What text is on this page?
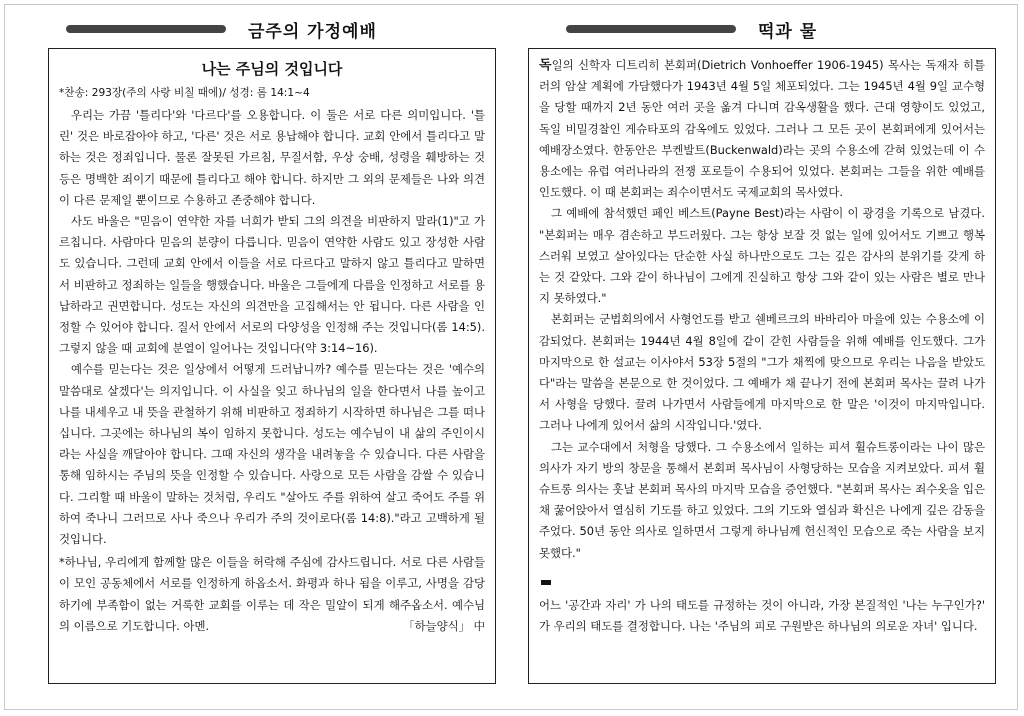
금주의 가정예배	떡과 물
나는 주님의 것입니다
*찬송: 293장(주의 사랑 비칠 때에)/ 성경: 롬 14:1~4

우리는 가끔 '틀리다'와 '다르다'를 오용합니다. 이 둘은 서로 다른 의미입니다. '틀린' 것은 바로잡아야 하고, '다른' 것은 서로 용납해야 합니다. 교회 안에서 틀리다고 말하는 것은 정죄입니다. 물론 잘못된 가르침, 무질서함, 우상 숭배, 성령을 훼방하는 것 등은 명백한 죄이기 때문에 틀리다고 해야 합니다. 하지만 그 외의 문제들은 나와 의견이 다른 문제일 뿐이므로 수용하고 존중해야 합니다.

사도 바울은 "믿음이 연약한 자를 너희가 받되 그의 의견을 비판하지 말라(1)"고 가르칩니다. 사람마다 믿음의 분량이 다릅니다. 믿음이 연약한 사람도 있고 장성한 사람도 있습니다. 그런데 교회 안에서 이들을 서로 다르다고 말하지 않고 틀리다고 말하면서 비판하고 정죄하는 일들을 행했습니다. 바울은 그들에게 다름을 인정하고 서로를 용납하라고 권면합니다. 성도는 자신의 의견만을 고집해서는 안 됩니다. 다른 사람을 인정할 수 있어야 합니다. 질서 안에서 서로의 다양성을 인정해 주는 것입니다(롬 14:5). 그렇지 않을 때 교회에 분열이 일어나는 것입니다(약 3:14~16).

예수를 믿는다는 것은 일상에서 어떻게 드러납니까? 예수를 믿는다는 것은 '예수의 말씀대로 살겠다'는 의지입니다. 이 사실을 잊고 하나님의 일을 한다면서 나를 높이고 나를 내세우고 내 뜻을 관철하기 위해 비판하고 정죄하기 시작하면 하나님은 그를 떠나십니다. 그곳에는 하나님의 복이 임하지 못합니다. 성도는 예수님이 내 삶의 주인이시라는 사실을 깨달아야 합니다. 그때 자신의 생각을 내려놓을 수 있습니다. 다른 사람을 통해 임하시는 주님의 뜻을 인정할 수 있습니다. 사랑으로 모든 사람을 감쌀 수 있습니다. 그리할 때 바울이 말하는 것처럼, 우리도 "살아도 주를 위하여 살고 죽어도 주를 위하여 죽나니 그러므로 사나 죽으나 우리가 주의 것이로다(롬 14:8)."라고 고백하게 될 것입니다.

*하나님, 우리에게 함께할 많은 이들을 허락해 주심에 감사드립니다. 서로 다른 사람들이 모인 공동체에서 서로를 인정하게 하옵소서. 화평과 하나 됨을 이루고, 사명을 감당하기에 부족함이 없는 거룩한 교회를 이루는 데 작은 밀알이 되게 해주옵소서. 예수님의 이름으로 기도합니다. 아멘.	「하늘양식」 中

독일의 신학자 디트리히 본회퍼(Dietrich Vonhoeffer 1906-1945) 목사는 독재자 히틀러의 암살 계획에 가담했다가 1943년 4월 5일 체포되었다. 그는 1945년 4월 9일 교수형을 당할 때까지 2년 동안 여러 곳을 옮겨 다니며 감옥생활을 했다. 근대 영향이도 있었고, 독일 비밀경찰인 게슈타포의 감옥에도 있었다. 그러나 그 모든 곳이 본회퍼에게 있어서는 예배장소였다. 한동안은 부켄발트(Buckenwald)라는 곳의 수용소에 갇혀 있었는데 이 수용소에는 유럽 여러나라의 전쟁 포로들이 수용되어 있었다. 본회퍼는 그들을 위한 예배를 인도했다. 이 때 본회퍼는 죄수이면서도 국제교회의 목사였다.

그 예배에 참석했던 페인 베스트(Payne Best)라는 사람이 이 광경을 기록으로 남겼다. "본회퍼는 매우 겸손하고 부드러웠다. 그는 항상 보잘 것 없는 일에 있어서도 기쁘고 행복스러워 보였고 살아있다는 단순한 사실 하나만으로도 그는 깊은 감사의 분위기를 갖게 하는 것 같았다. 그와 같이 하나님이 그에게 진실하고 항상 그와 같이 있는 사람은 별로 만나지 못하였다."

본회퍼는 군법회의에서 사형언도를 받고 쉔베르크의 바바리아 마을에 있는 수용소에 이감되었다. 본회퍼는 1944년 4월 8일에 같이 갇힌 사람들을 위해 예배를 인도했다. 그가 마지막으로 한 설교는 이사야서 53장 5절의 "그가 채찍에 맞으므로 우리는 나음을 받았도다"라는 말씀을 본문으로 한 것이었다. 그 예배가 채 끝나기 전에 본회퍼 목사는 끌려 나가서 사형을 당했다. 끌려 나가면서 사람들에게 마지막으로 한 말은 '이것이 마지막입니다. 그러나 나에게 있어서 삶의 시작입니다.'였다.

그는 교수대에서 처형을 당했다. 그 수용소에서 일하는 피셔 휠슈트롱이라는 나이 많은 의사가 자기 방의 창문을 통해서 본회퍼 목사님이 사형당하는 모습을 지켜보았다. 피셔 휠슈트롱 의사는 훗날 본회퍼 목사의 마지막 모습을 증언했다. "본회퍼 목사는 죄수옷을 입은 채 꿇어앉아서 열심히 기도를 하고 있었다. 그의 기도와 열심과 확신은 나에게 깊은 감동을 주었다. 50년 동안 의사로 일하면서 그렇게 하나님께 헌신적인 모습으로 죽는 사람을 보지 못했다."

어느 '공간과 자리' 가 나의 태도를 규정하는 것이 아니라, 가장 본질적인 '나는 누구인가?' 가 우리의 태도를 결정합니다. 나는 '주님의 피로 구원받은 하나님의 의로운 자녀' 입니다.
